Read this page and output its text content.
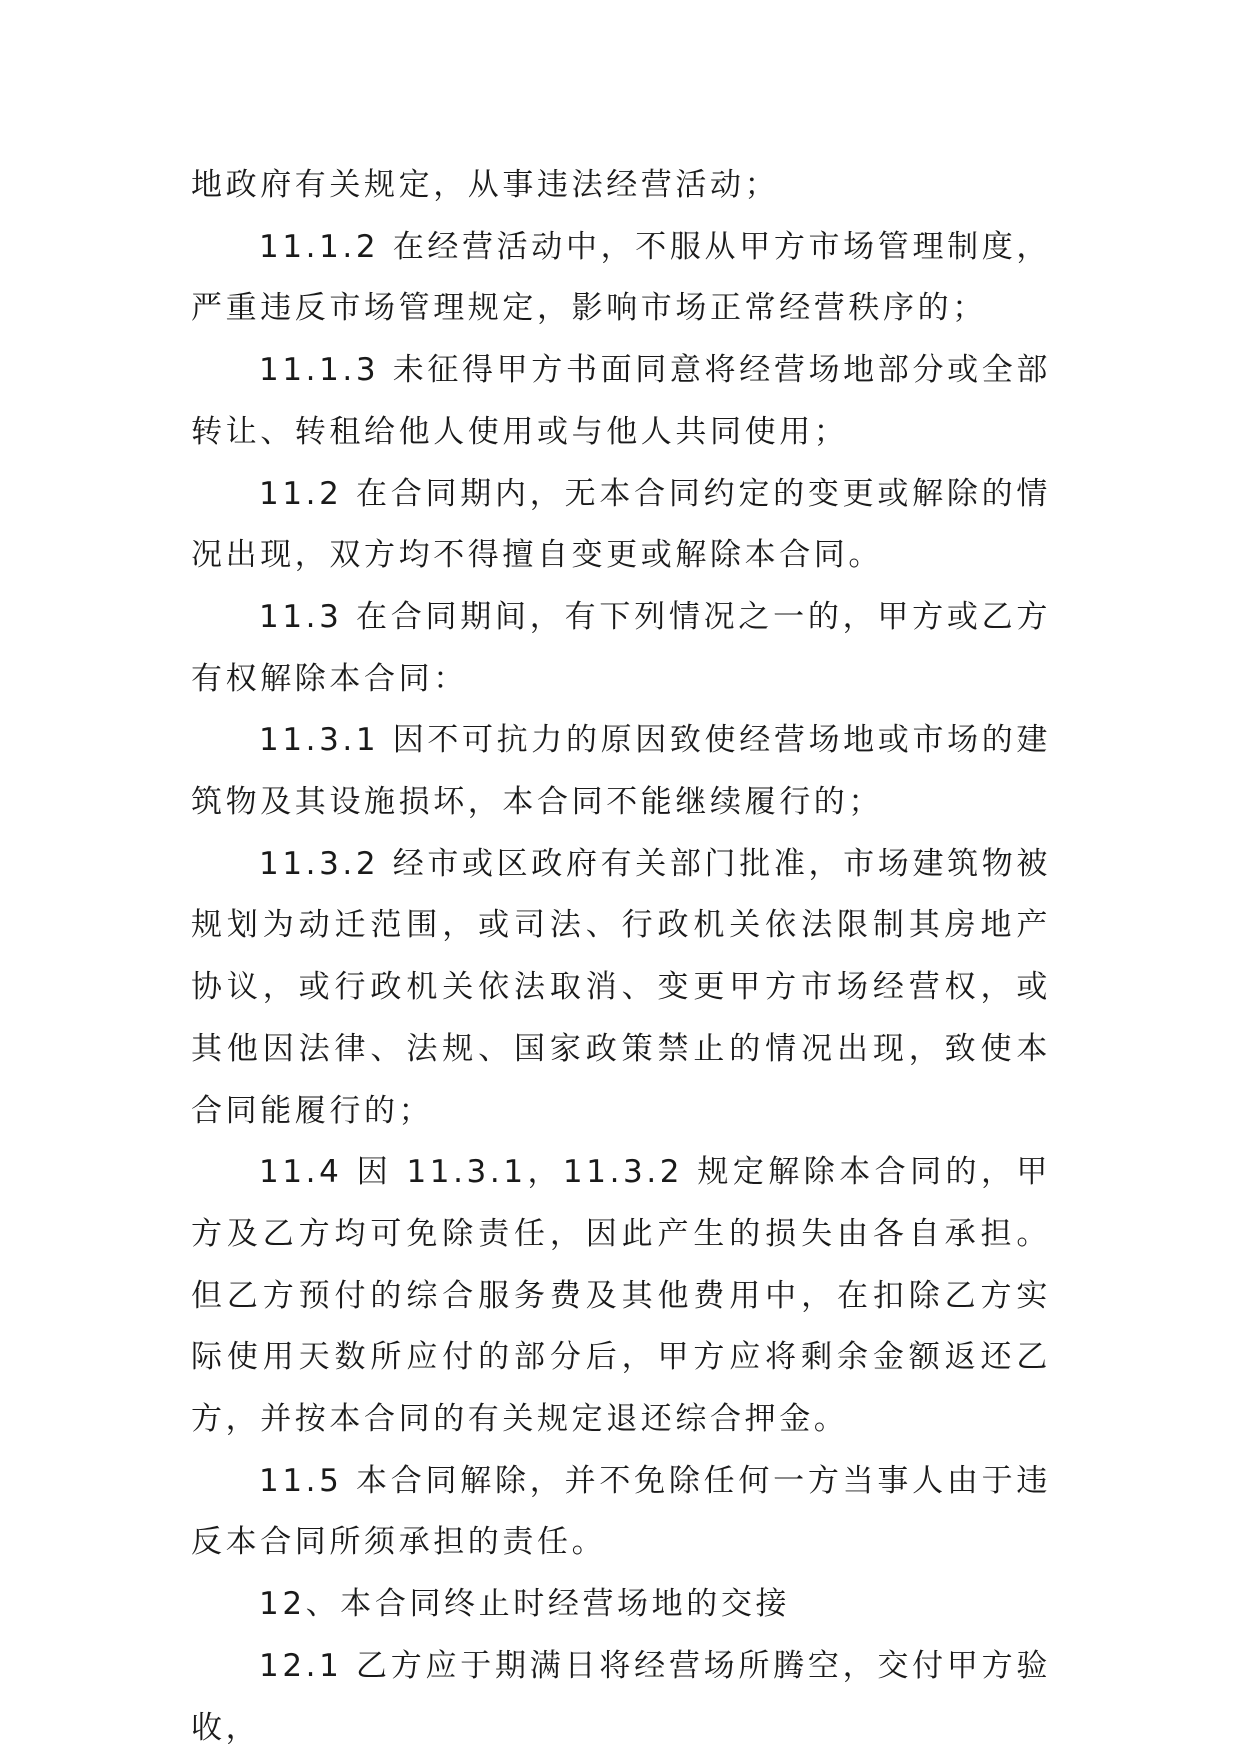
地政府有关规定，从事违法经营活动；

11.1.2 在经营活动中，不服从甲方市场管理制度，严重违反市场管理规定，影响市场正常经营秩序的；

11.1.3 未征得甲方书面同意将经营场地部分或全部转让、转租给他人使用或与他人共同使用；

11.2 在合同期内，无本合同约定的变更或解除的情况出现，双方均不得擅自变更或解除本合同。

11.3 在合同期间，有下列情况之一的，甲方或乙方有权解除本合同：

11.3.1 因不可抗力的原因致使经营场地或市场的建筑物及其设施损坏，本合同不能继续履行的；

11.3.2 经市或区政府有关部门批准，市场建筑物被规划为动迁范围，或司法、行政机关依法限制其房地产协议，或行政机关依法取消、变更甲方市场经营权，或其他因法律、法规、国家政策禁止的情况出现，致使本合同能履行的；

11.4 因 11.3.1，11.3.2 规定解除本合同的，甲方及乙方均可免除责任，因此产生的损失由各自承担。但乙方预付的综合服务费及其他费用中，在扣除乙方实际使用天数所应付的部分后，甲方应将剩余金额返还乙方，并按本合同的有关规定退还综合押金。

11.5 本合同解除，并不免除任何一方当事人由于违反本合同所须承担的责任。

12、本合同终止时经营场地的交接

12.1 乙方应于期满日将经营场所腾空，交付甲方验收，
